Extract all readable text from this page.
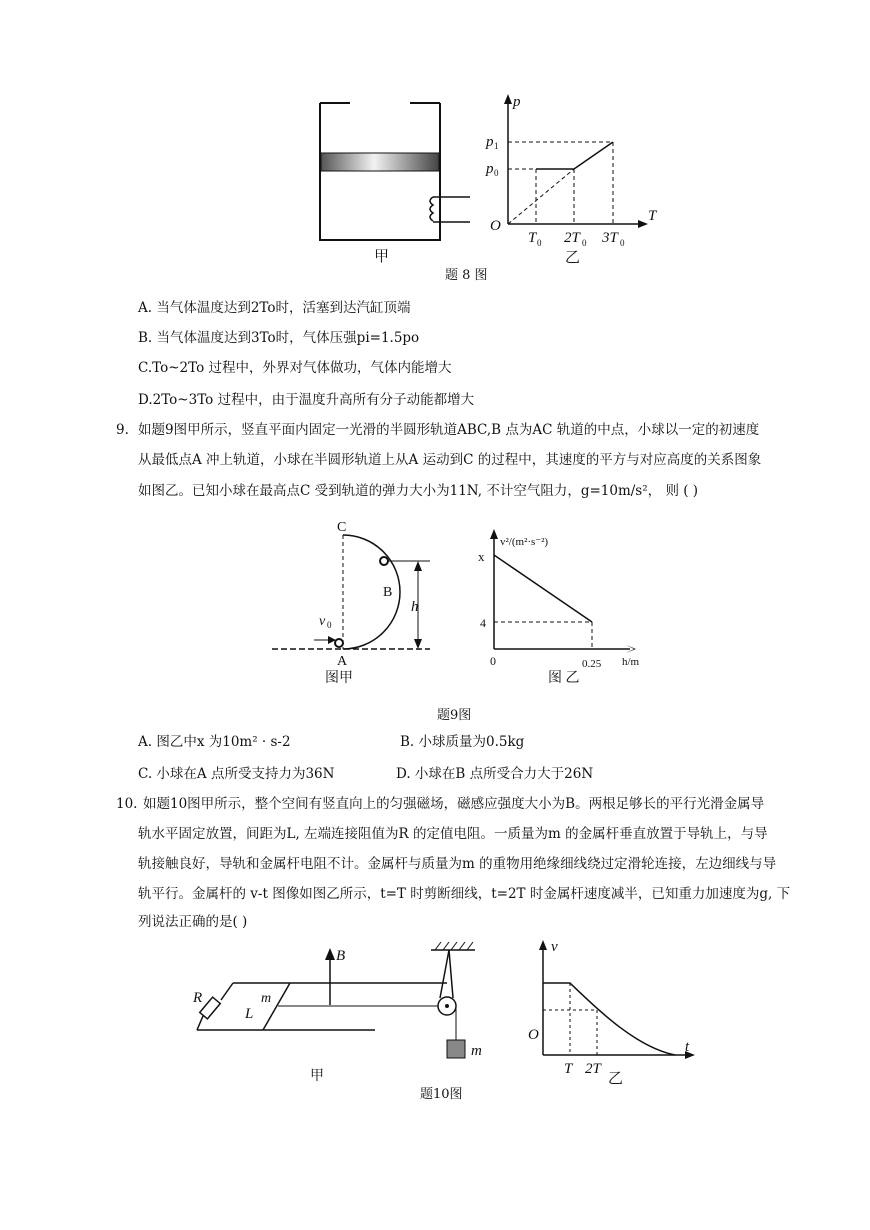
甲
p
T
p 1
p 0
O
T 0 2T 0 3T 0
乙
题 8 图
A. 当气体温度达到2To时，活塞到达汽缸顶端
B. 当气体温度达到3To时，气体压强pi=1.5po
C.To~2To 过程中，外界对气体做功，气体内能增大
D.2To~3To 过程中，由于温度升高所有分子动能都增大
9. 如题9图甲所示，竖直平面内固定一光滑的半圆形轨道ABC,B 点为AC 轨道的中点，小球以一定的初速度
从最低点A 冲上轨道，小球在半圆形轨道上从A 运动到C 的过程中，其速度的平方与对应高度的关系图象
如图乙。已知小球在最高点C 受到轨道的弹力大小为11N, 不计空气阻力，g=10m/s²， 则 ( )
v 0
C
B
A
h
图甲
v²/(m²·s⁻²)
h/m
x
4
0	0.25
图 乙
题9图
A. 图乙中x 为10m² · s-2	B. 小球质量为0.5kg
C. 小球在A 点所受支持力为36N	D. 小球在B 点所受合力大于26N
10. 如题10图甲所示，整个空间有竖直向上的匀强磁场，磁感应强度大小为B。两根足够长的平行光滑金属导
轨水平固定放置，间距为L, 左端连接阻值为R 的定值电阻。一质量为m 的金属杆垂直放置于导轨上，与导
轨接触良好，导轨和金属杆电阻不计。金属杆与质量为m 的重物用绝缘细线绕过定滑轮连接，左边细线与导
轨平行。金属杆的 v-t 图像如图乙所示，t=T 时剪断细线，t=2T 时金属杆速度减半，已知重力加速度为g, 下
列说法正确的是( )
B
R
L
m
m
甲
v
t
O
T 2T
乙
题10图
